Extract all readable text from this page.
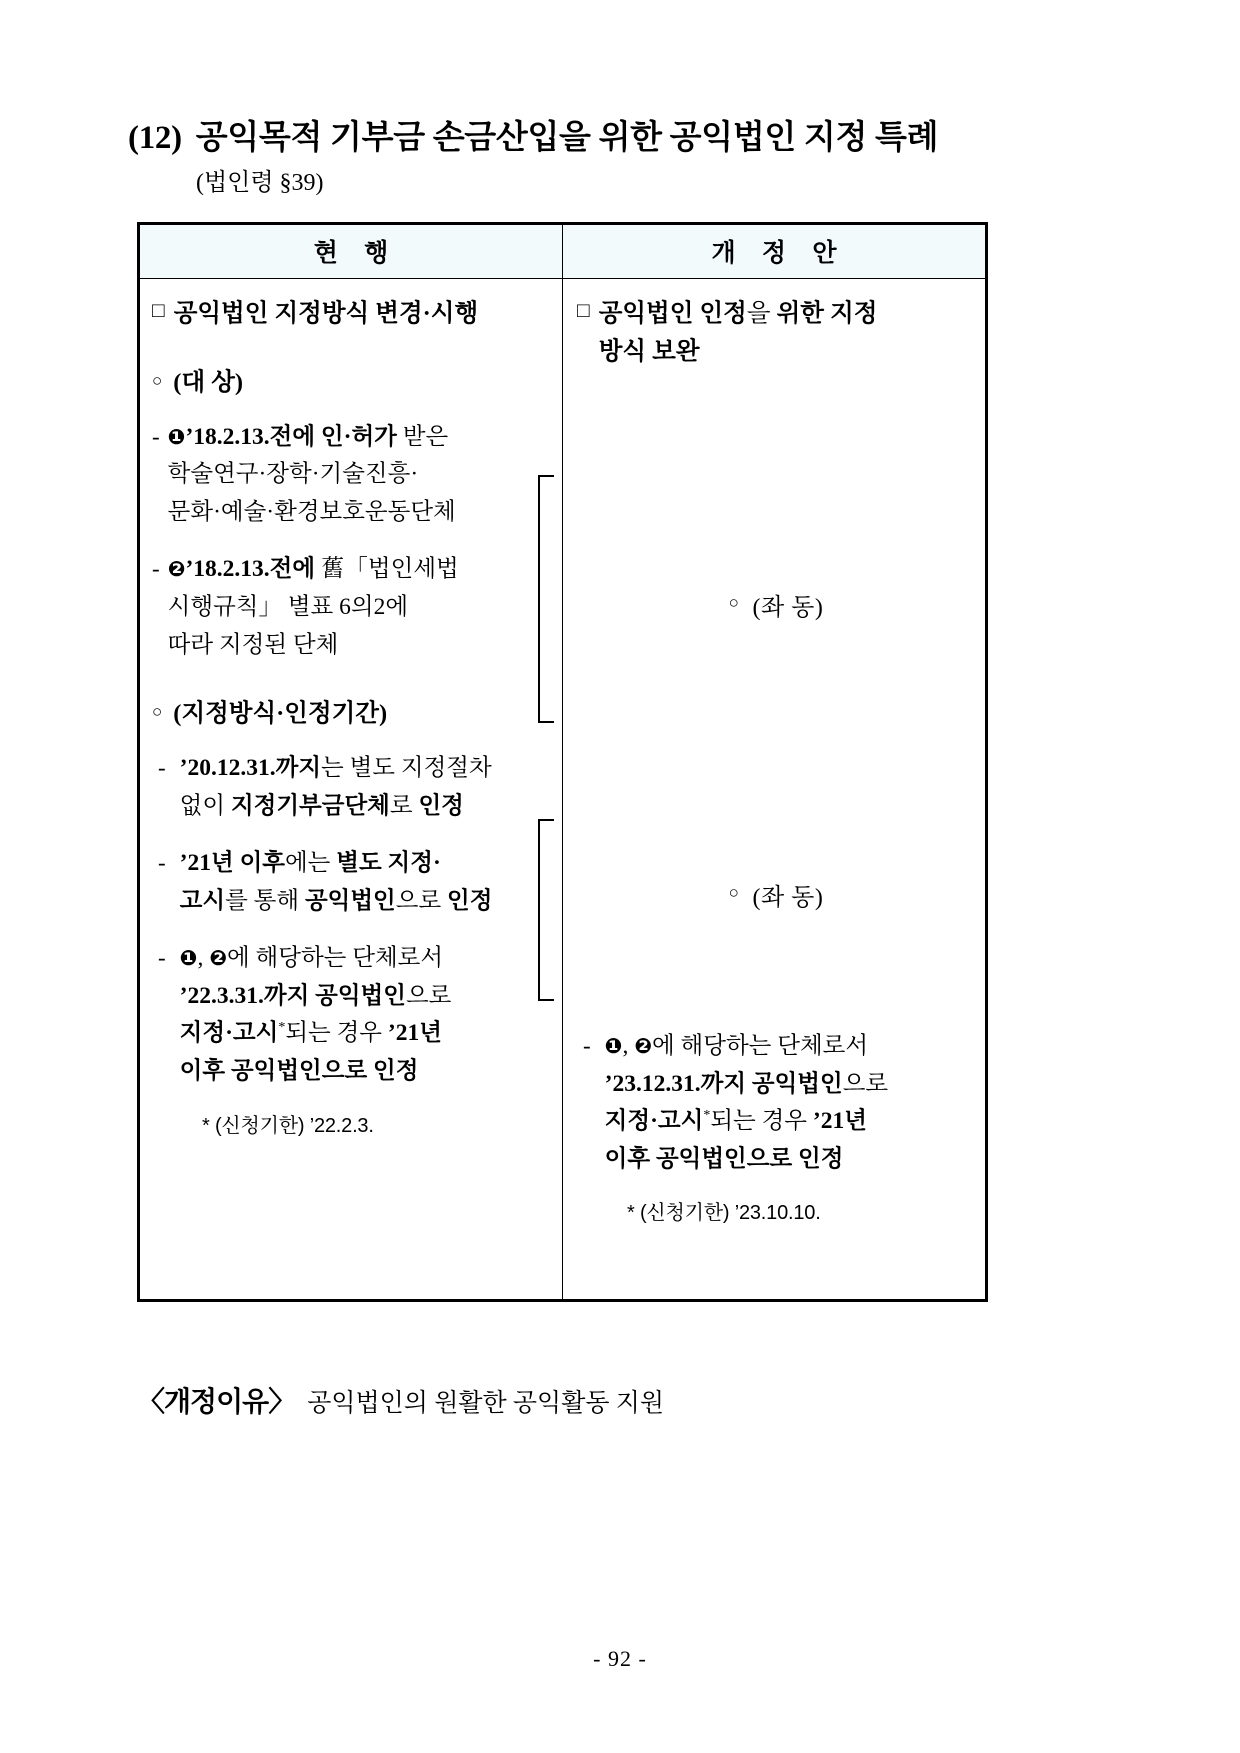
(12) 공익목적 기부금 손금산입을 위한 공익법인 지정 특례
(법인령 §39)
현 행	개 정 안

□ 공익법인 지정방식 변경·시행
○ (대 상)
- ❶’18.2.13.전에 인·허가 받은
학술연구·장학·기술진흥·
문화·예술·환경보호운동단체
- ❷’18.2.13.전에 舊「법인세법
시행규칙」 별표 6의2에
따라 지정된 단체
○ (지정방식·인정기간)
- ’20.12.31.까지는 별도 지정절차
없이 지정기부금단체로 인정
- ’21년 이후에는 별도 지정·
고시를 통해 공익법인으로 인정
- ❶, ❷에 해당하는 단체로서
’22.3.31.까지 공익법인으로
지정·고시*되는 경우 ’21년
이후 공익법인으로 인정
* (신청기한) ’22.2.3.

□ 공익법인 인정을 위한 지정
방식 보완
○ (좌 동)
○ (좌 동)
- ❶, ❷에 해당하는 단체로서
’23.12.31.까지 공익법인으로
지정·고시*되는 경우 ’21년
이후 공익법인으로 인정
* (신청기한) ’23.10.10.
〈개정이유〉 공익법인의 원활한 공익활동 지원
- 92 -
